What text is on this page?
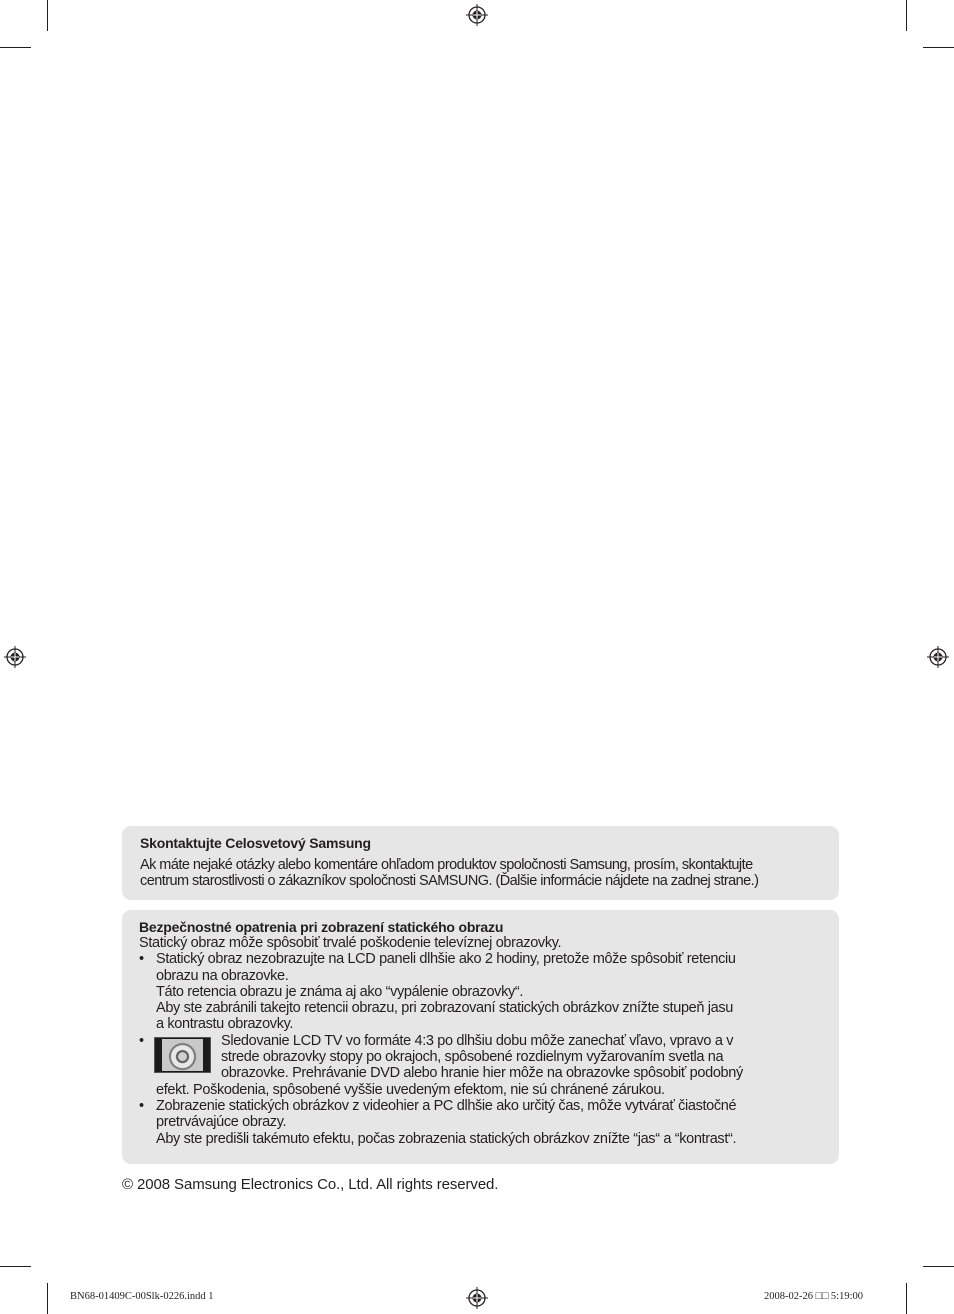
Skontaktujte Celosvetový Samsung
Ak máte nejaké otázky alebo komentáre ohľadom produktov spoločnosti Samsung, prosím, skontaktujte
centrum starostlivosti o zákazníkov spoločnosti SAMSUNG. (Ďalšie informácie nájdete na zadnej strane.)
Bezpečnostné opatrenia pri zobrazení statického obrazu
Statický obraz môže spôsobiť trvalé poškodenie televíznej obrazovky.
• Statický obraz nezobrazujte na LCD paneli dlhšie ako 2 hodiny, pretože môže spôsobiť retenciu
obrazu na obrazovke.
Táto retencia obrazu je známa aj ako “vypálenie obrazovky“.
Aby ste zabránili takejto retencii obrazu, pri zobrazovaní statických obrázkov znížte stupeň jasu
a kontrastu obrazovky.
•	Sledovanie LCD TV vo formáte 4:3 po dlhšiu dobu môže zanechať vľavo, vpravo a v
strede obrazovky stopy po okrajoch, spôsobené rozdielnym vyžarovaním svetla na
obrazovke. Prehrávanie DVD alebo hranie hier môže na obrazovke spôsobiť podobný
efekt. Poškodenia, spôsobené vyššie uvedeným efektom, nie sú chránené zárukou.
• Zobrazenie statických obrázkov z videohier a PC dlhšie ako určitý čas, môže vytvárať čiastočné
pretrvávajúce obrazy.
Aby ste predišli takémuto efektu, počas zobrazenia statických obrázkov znížte “jas“ a “kontrast“.
© 2008 Samsung Electronics Co., Ltd. All rights reserved.
BN68-01409C-00Slk-0226.indd 1	2008-02-26 □□ 5:19:00
